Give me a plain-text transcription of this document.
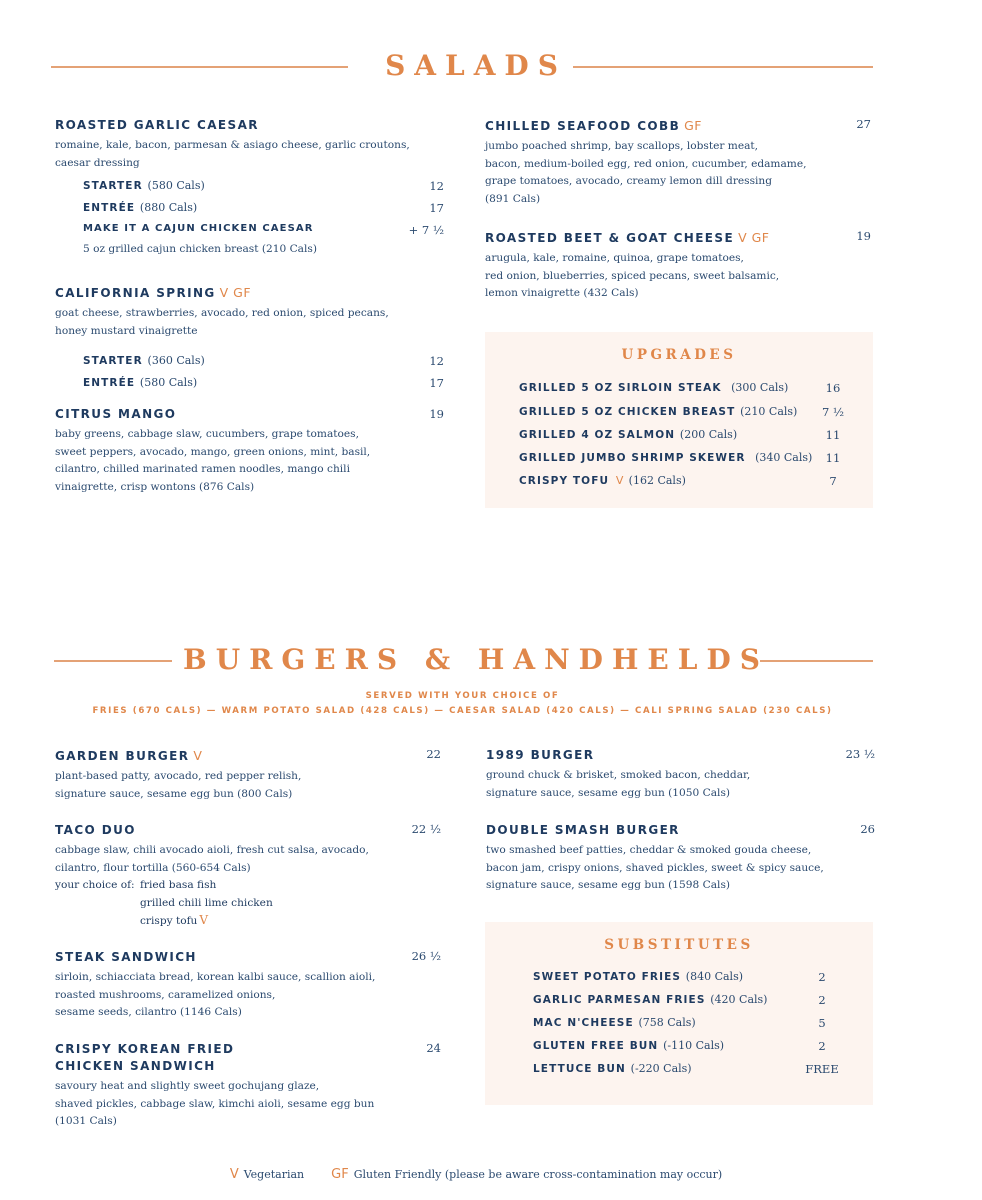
SALADS
ROASTED GARLIC CAESAR
romaine, kale, bacon, parmesan & asiago cheese, garlic croutons,
caesar dressing
STARTER (580 Cals)	12
ENTRÉE (880 Cals)	17
MAKE IT A CAJUN CHICKEN CAESAR	+ 7 ½
5 oz grilled cajun chicken breast (210 Cals)
CALIFORNIA SPRING V GF
goat cheese, strawberries, avocado, red onion, spiced pecans,
honey mustard vinaigrette
STARTER (360 Cals)	12
ENTRÉE (580 Cals)	17
CITRUS MANGO
baby greens, cabbage slaw, cucumbers, grape tomatoes,
sweet peppers, avocado, mango, green onions, mint, basil,
cilantro, chilled marinated ramen noodles, mango chili
vinaigrette, crisp wontons (876 Cals)
19
CHILLED SEAFOOD COBB GF
jumbo poached shrimp, bay scallops, lobster meat,
bacon, medium-boiled egg, red onion, cucumber, edamame,
grape tomatoes, avocado, creamy lemon dill dressing
(891 Cals)
27
ROASTED BEET & GOAT CHEESE V GF
arugula, kale, romaine, quinoa, grape tomatoes,
red onion, blueberries, spiced pecans, sweet balsamic,
lemon vinaigrette (432 Cals)
19
UPGRADES
GRILLED 5 OZ SIRLOIN STEAK (300 Cals)	16
GRILLED 5 OZ CHICKEN BREAST (210 Cals)	7 ½
GRILLED 4 OZ SALMON (200 Cals)	11
GRILLED JUMBO SHRIMP SKEWER (340 Cals)	11
CRISPY TOFU V (162 Cals)	7
BURGERS & HANDHELDS
SERVED WITH YOUR CHOICE OF
FRIES (670 CALS) — WARM POTATO SALAD (428 CALS) — CAESAR SALAD (420 CALS) — CALI SPRING SALAD (230 CALS)
GARDEN BURGER V
plant-based patty, avocado, red pepper relish,
signature sauce, sesame egg bun (800 Cals)
22
TACO DUO
cabbage slaw, chili avocado aioli, fresh cut salsa, avocado,
cilantro, flour tortilla (560-654 Cals)
your choice of: fried basa fish
grilled chili lime chicken
crispy tofu V
22 ½
STEAK SANDWICH
sirloin, schiacciata bread, korean kalbi sauce, scallion aioli,
roasted mushrooms, caramelized onions,
sesame seeds, cilantro (1146 Cals)
26 ½
CRISPY KOREAN FRIED
CHICKEN SANDWICH
savoury heat and slightly sweet gochujang glaze,
shaved pickles, cabbage slaw, kimchi aioli, sesame egg bun
(1031 Cals)
24
1989 BURGER
ground chuck & brisket, smoked bacon, cheddar,
signature sauce, sesame egg bun (1050 Cals)
23 ½
DOUBLE SMASH BURGER
two smashed beef patties, cheddar & smoked gouda cheese,
bacon jam, crispy onions, shaved pickles, sweet & spicy sauce,
signature sauce, sesame egg bun (1598 Cals)
26
SUBSTITUTES
SWEET POTATO FRIES (840 Cals)	2
GARLIC PARMESAN FRIES (420 Cals)	2
MAC N'CHEESE (758 Cals)	5
GLUTEN FREE BUN (-110 Cals)	2
LETTUCE BUN (-220 Cals)	FREE
V Vegetarian GF Gluten Friendly (please be aware cross-contamination may occur)
